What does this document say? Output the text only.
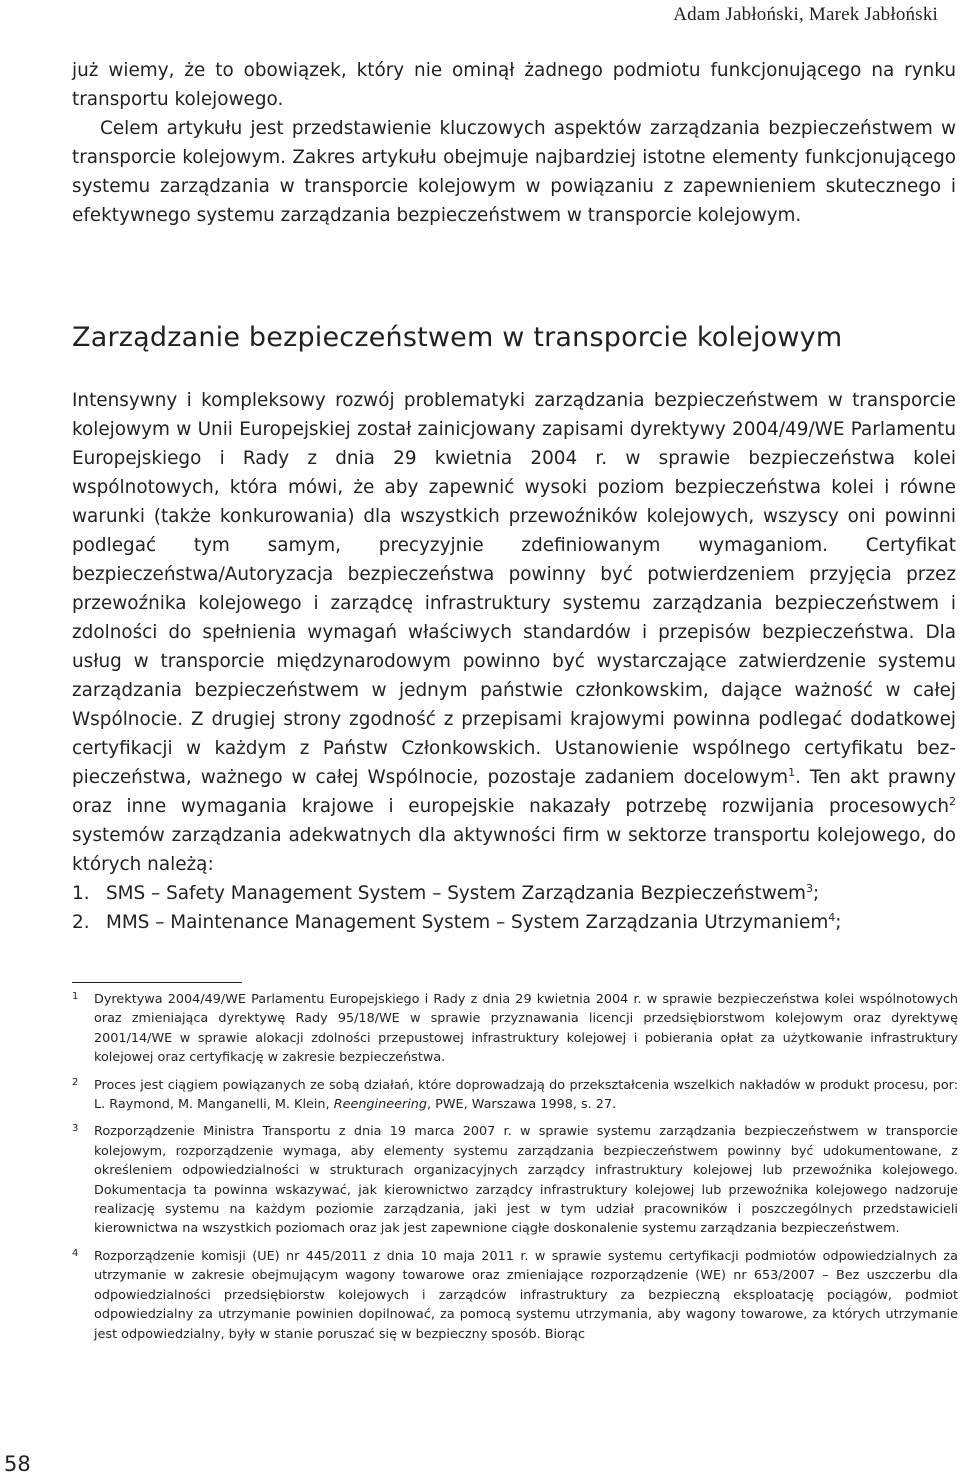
Adam Jabłoński, Marek Jabłoński

już wiemy, że to obowiązek, który nie ominął żadnego podmiotu funkcjonującego na rynku transportu kolejowego.

Celem artykułu jest przedstawienie kluczowych aspektów zarządzania bezpieczeństwem w transporcie kolejowym. Zakres artykułu obejmuje najbardziej istotne elementy funkcjonującego systemu zarządzania w transporcie kolejowym w powiązaniu z zapewnieniem skutecznego i efektywnego systemu zarządzania bezpieczeństwem w transporcie kolejowym.

Zarządzanie bezpieczeństwem w transporcie kolejowym

Intensywny i kompleksowy rozwój problematyki zarządzania bezpieczeństwem w transporcie kolejowym w Unii Europejskiej został zainicjowany zapisami dyrektywy 2004/49/WE Parlamentu Europejskiego i Rady z dnia 29 kwietnia 2004 r. w sprawie bezpieczeństwa kolei wspólnotowych, która mówi, że aby zapewnić wysoki poziom bezpieczeństwa kolei i równe warunki (także konkurowania) dla wszystkich przewoźników kolejowych, wszyscy oni powinni podlegać tym samym, precyzyjnie zdefiniowanym wymaganiom. Certyfikat bezpieczeństwa/Autoryzacja bezpieczeństwa powinny być potwierdzeniem przyjęcia przez przewoźnika kolejowego i zarządcę infrastruktury systemu zarządzania bezpieczeństwem i zdolności do spełnienia wymagań właściwych standardów i przepisów bezpieczeństwa. Dla usług w transporcie międzynarodowym powinno być wystarczające zatwierdzenie systemu zarządzania bezpieczeństwem w jednym państwie członkowskim, dające ważność w całej Wspólnocie. Z drugiej strony zgodność z przepisami krajowymi powinna podlegać dodatkowej certyfikacji w każdym z Państw Członkowskich. Ustanowienie wspólnego certyfikatu bezpieczeństwa, ważnego w całej Wspólnocie, pozostaje zadaniem docelowym$^1$. Ten akt prawny oraz inne wymagania krajowe i europejskie nakazały potrzebę rozwijania procesowych$^2$ systemów zarządzania adekwatnych dla aktywności firm w sektorze transportu kolejowego, do których należą:

1. SMS – Safety Management System – System Zarządzania Bezpieczeństwem$^3$;
2. MMS – Maintenance Management System – System Zarządzania Utrzymaniem$^4$;

1 Dyrektywa 2004/49/WE Parlamentu Europejskiego i Rady z dnia 29 kwietnia 2004 r. w sprawie bezpieczeństwa kolei wspólnotowych oraz zmieniająca dyrektywę Rady 95/18/WE w sprawie przyznawania licencji przedsiębiorstwom kolejowym oraz dyrektywę 2001/14/WE w sprawie alokacji zdolności przepustowej infrastruktury kolejowej i pobierania opłat za użytkowanie infrastruktury kolejowej oraz certyfikację w zakresie bezpieczeństwa.

2 Proces jest ciągiem powiązanych ze sobą działań, które doprowadzają do przekształcenia wszelkich nakładów w produkt procesu, por: L. Raymond, M. Manganelli, M. Klein, Reengineering, PWE, Warszawa 1998, s. 27.

3 Rozporządzenie Ministra Transportu z dnia 19 marca 2007 r. w sprawie systemu zarządzania bezpieczeństwem w transporcie kolejowym, rozporządzenie wymaga, aby elementy systemu zarządzania bezpieczeństwem powinny być udokumentowane, z określeniem odpowiedzialności w strukturach organizacyjnych zarządcy infrastruktury kolejowej lub przewoźnika kolejowego. Dokumentacja ta powinna wskazywać, jak kierownictwo zarządcy infrastruktury kolejowej lub przewoźnika kolejowego nadzoruje realizację systemu na każdym poziomie zarządzania, jaki jest w tym udział pracowników i poszczególnych przedstawicieli kierownictwa na wszystkich poziomach oraz jak jest zapewnione ciągłe doskonalenie systemu zarządzania bezpieczeństwem.

4 Rozporządzenie komisji (UE) nr 445/2011 z dnia 10 maja 2011 r. w sprawie systemu certyfikacji podmiotów odpowiedzialnych za utrzymanie w zakresie obejmującym wagony towarowe oraz zmieniające rozporządzenie (WE) nr 653/2007 – Bez uszczerbu dla odpowiedzialności przedsiębiorstw kolejowych i zarządców infrastruktury za bezpieczną eksploatację pociągów, podmiot odpowiedzialny za utrzymanie powinien dopilnować, za pomocą systemu utrzymania, aby wagony towarowe, za których utrzymanie jest odpowiedzialny, były w stanie poruszać się w bezpieczny sposób. Biorąc

58
